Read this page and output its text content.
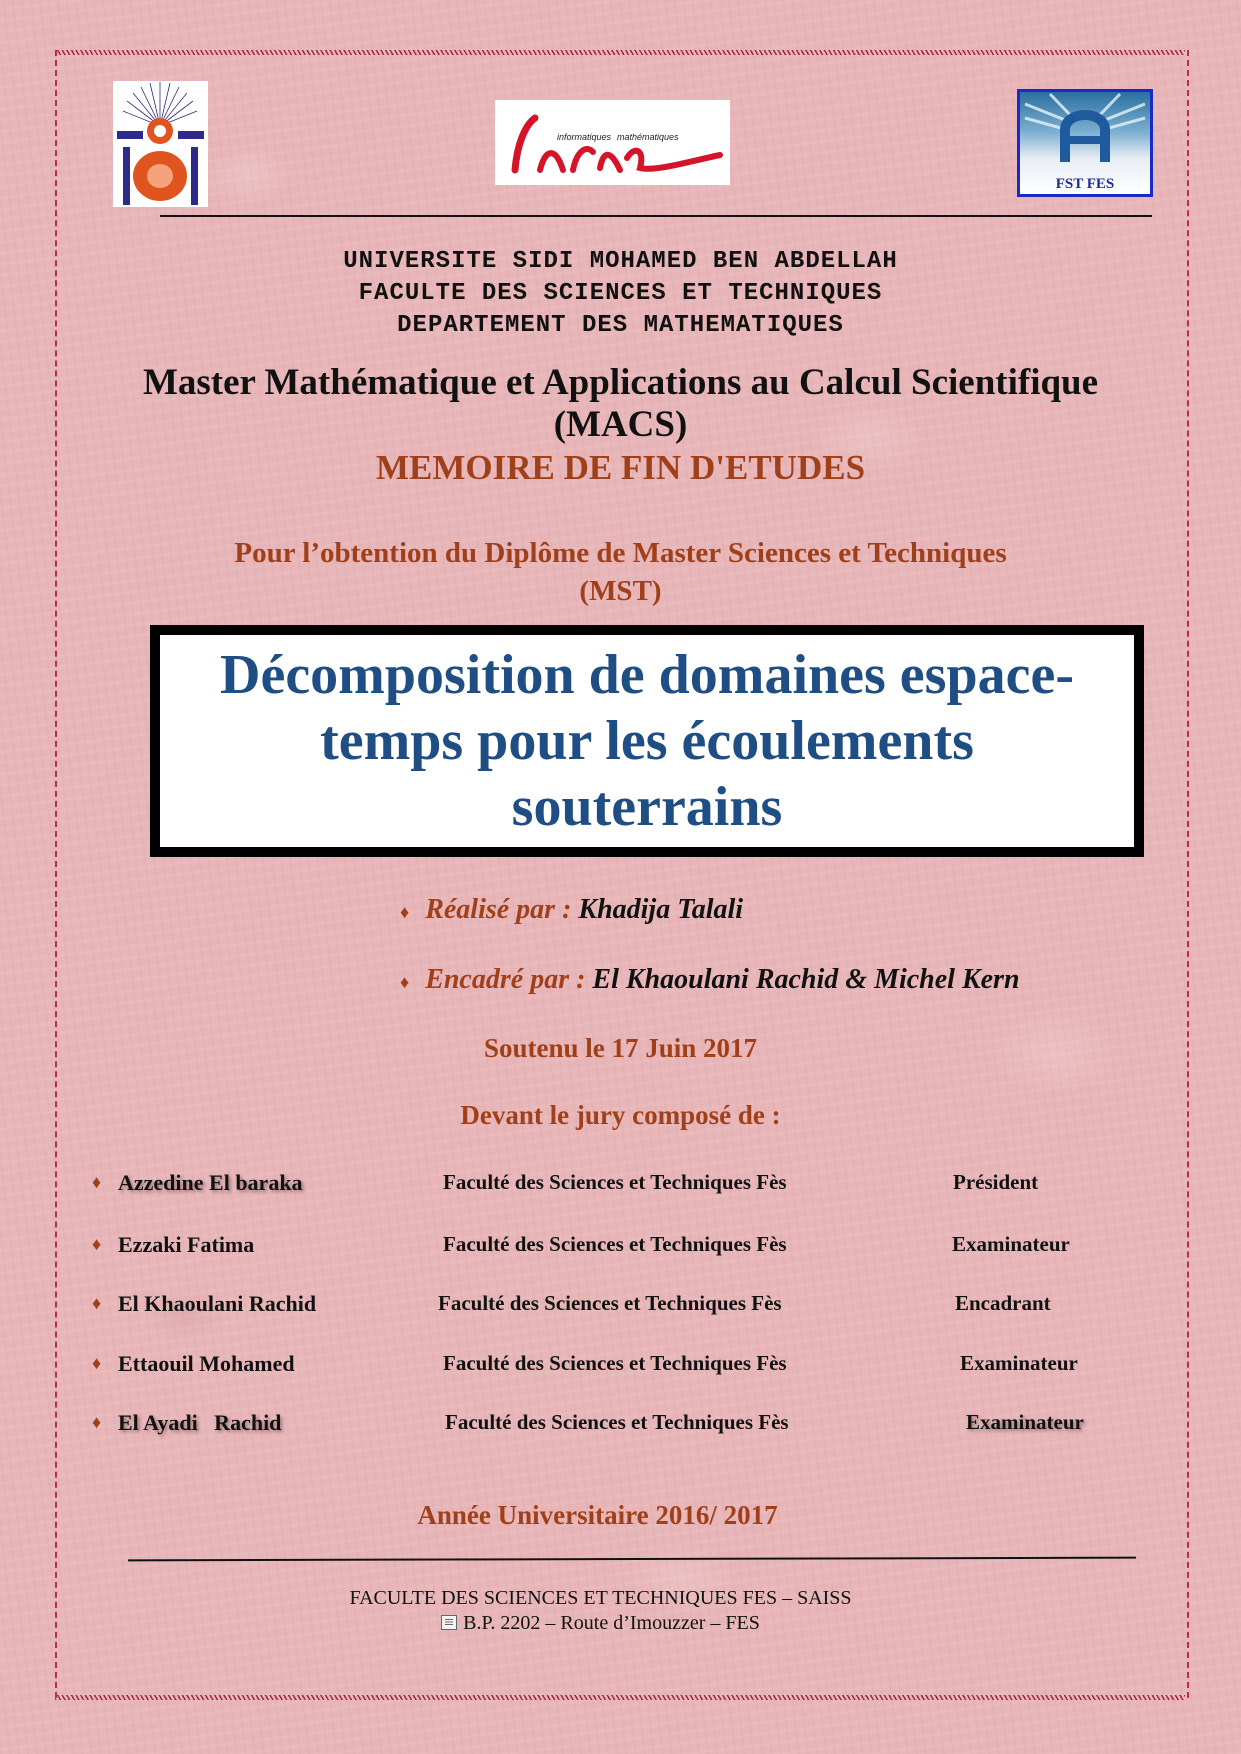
informatiques mathématiques
FST FES
UNIVERSITE SIDI MOHAMED BEN ABDELLAH
FACULTE DES SCIENCES ET TECHNIQUES
DEPARTEMENT DES MATHEMATIQUES
Master Mathématique et Applications au Calcul Scientifique
(MACS)
MEMOIRE DE FIN D'ETUDES
Pour l’obtention du Diplôme de Master Sciences et Techniques
(MST)
Décomposition de domaines espace-
temps pour les écoulements
souterrains
♦ Réalisé par : Khadija Talali
♦ Encadré par : El Khaoulani Rachid & Michel Kern
Soutenu le 17 Juin 2017
Devant le jury composé de :
♦ Azzedine El baraka	Faculté des Sciences et Techniques Fès	Président
♦ Ezzaki Fatima	Faculté des Sciences et Techniques Fès	Examinateur
♦ El Khaoulani Rachid	Faculté des Sciences et Techniques Fès	Encadrant
♦ Ettaouil Mohamed	Faculté des Sciences et Techniques Fès	Examinateur
♦ El Ayadi   Rachid	Faculté des Sciences et Techniques Fès	Examinateur
Année Universitaire 2016/ 2017
FACULTE DES SCIENCES ET TECHNIQUES FES – SAISS
B.P. 2202 – Route d’Imouzzer – FES
